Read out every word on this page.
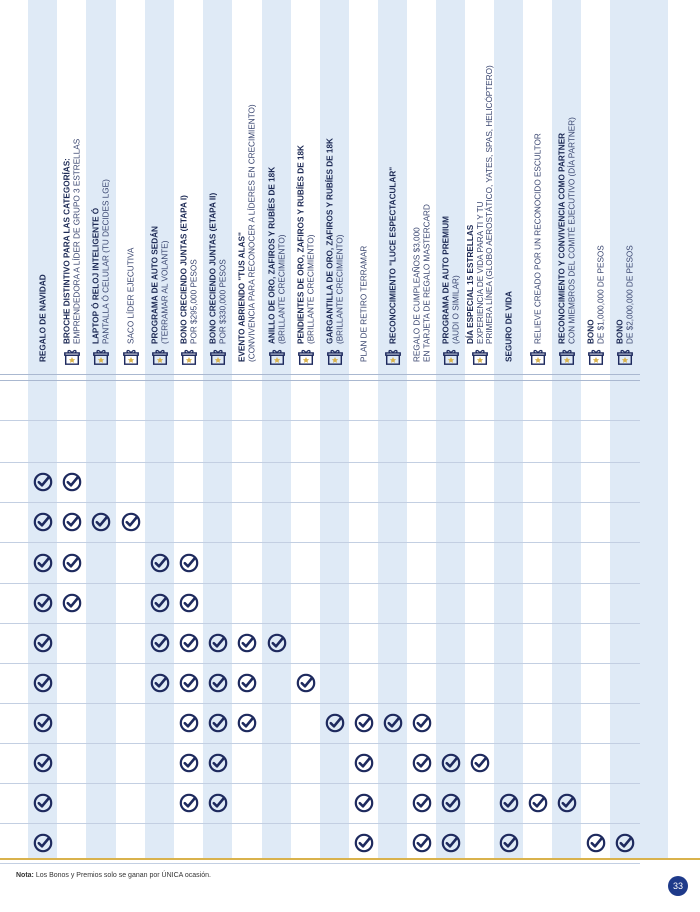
REGALO DE NAVIDAD BROCHE DISTINTIVO PARA LAS CATEGORÍAS:
EMPRENDEDORA A LÍDER DE GRUPO 3 ESTRELLAS LAPTOP Ó RELOJ INTELIGENTE Ó
PANTALLA Ó CELULAR (TU DECIDES LGE) SACO LÍDER EJECUTIVA PROGRAMA DE AUTO SEDÁN
(TERRAMAR AL VOLANTE) BONO CRECIENDO JUNTAS (ETAPA I)
POR $295,000 PESOS BONO CRECIENDO JUNTAS (ETAPA II)
POR $330,000 PESOS EVENTO ABRIENDO "TUS ALAS"
(CONVIVENCIA PARA RECONOCER A LÍDERES EN CRECIMIENTO) ANILLO DE ORO, ZAFIROS Y RUBÍES DE 18K
(BRILLANTE CRECIMIENTO) PENDIENTES DE ORO, ZAFIROS Y RUBÍES DE 18K
(BRILLANTE CRECIMIENTO) GARGANTILLA DE ORO, ZAFIROS Y RUBÍES DE 18K
(BRILLANTE CRECIMIENTO) PLAN DE RETIRO TERRAMAR RECONOCIMIENTO "LUCE ESPECTACULAR" REGALO DE CUMPLEAÑOS $3,000
EN TARJETA DE REGALO MASTERCARD PROGRAMA DE AUTO PREMIUM
(AUDI O SIMILAR) DÍA ESPECIAL 15 ESTRELLAS
EXPERIENCIA DE VIDA PARA TI Y TU
PRIMERA LÍNEA (GLOBO AEROSTÁTICO, YATES, SPAS, HELICÓPTERO) SEGURO DE VIDA RELIEVE CREADO POR UN RECONOCIDO ESCULTOR RECONOCIMIENTO Y CONVIVENCIA COMO PARTNER
CON MIEMBROS DEL COMITÉ EJECUTIVO (DÍA PARTNER) BONO
DE $1,000,000 DE PESOS BONO
DE $2,000,000 DE PESOS
Nota: Los Bonos y Premios solo se ganan por ÚNICA ocasión.
33
